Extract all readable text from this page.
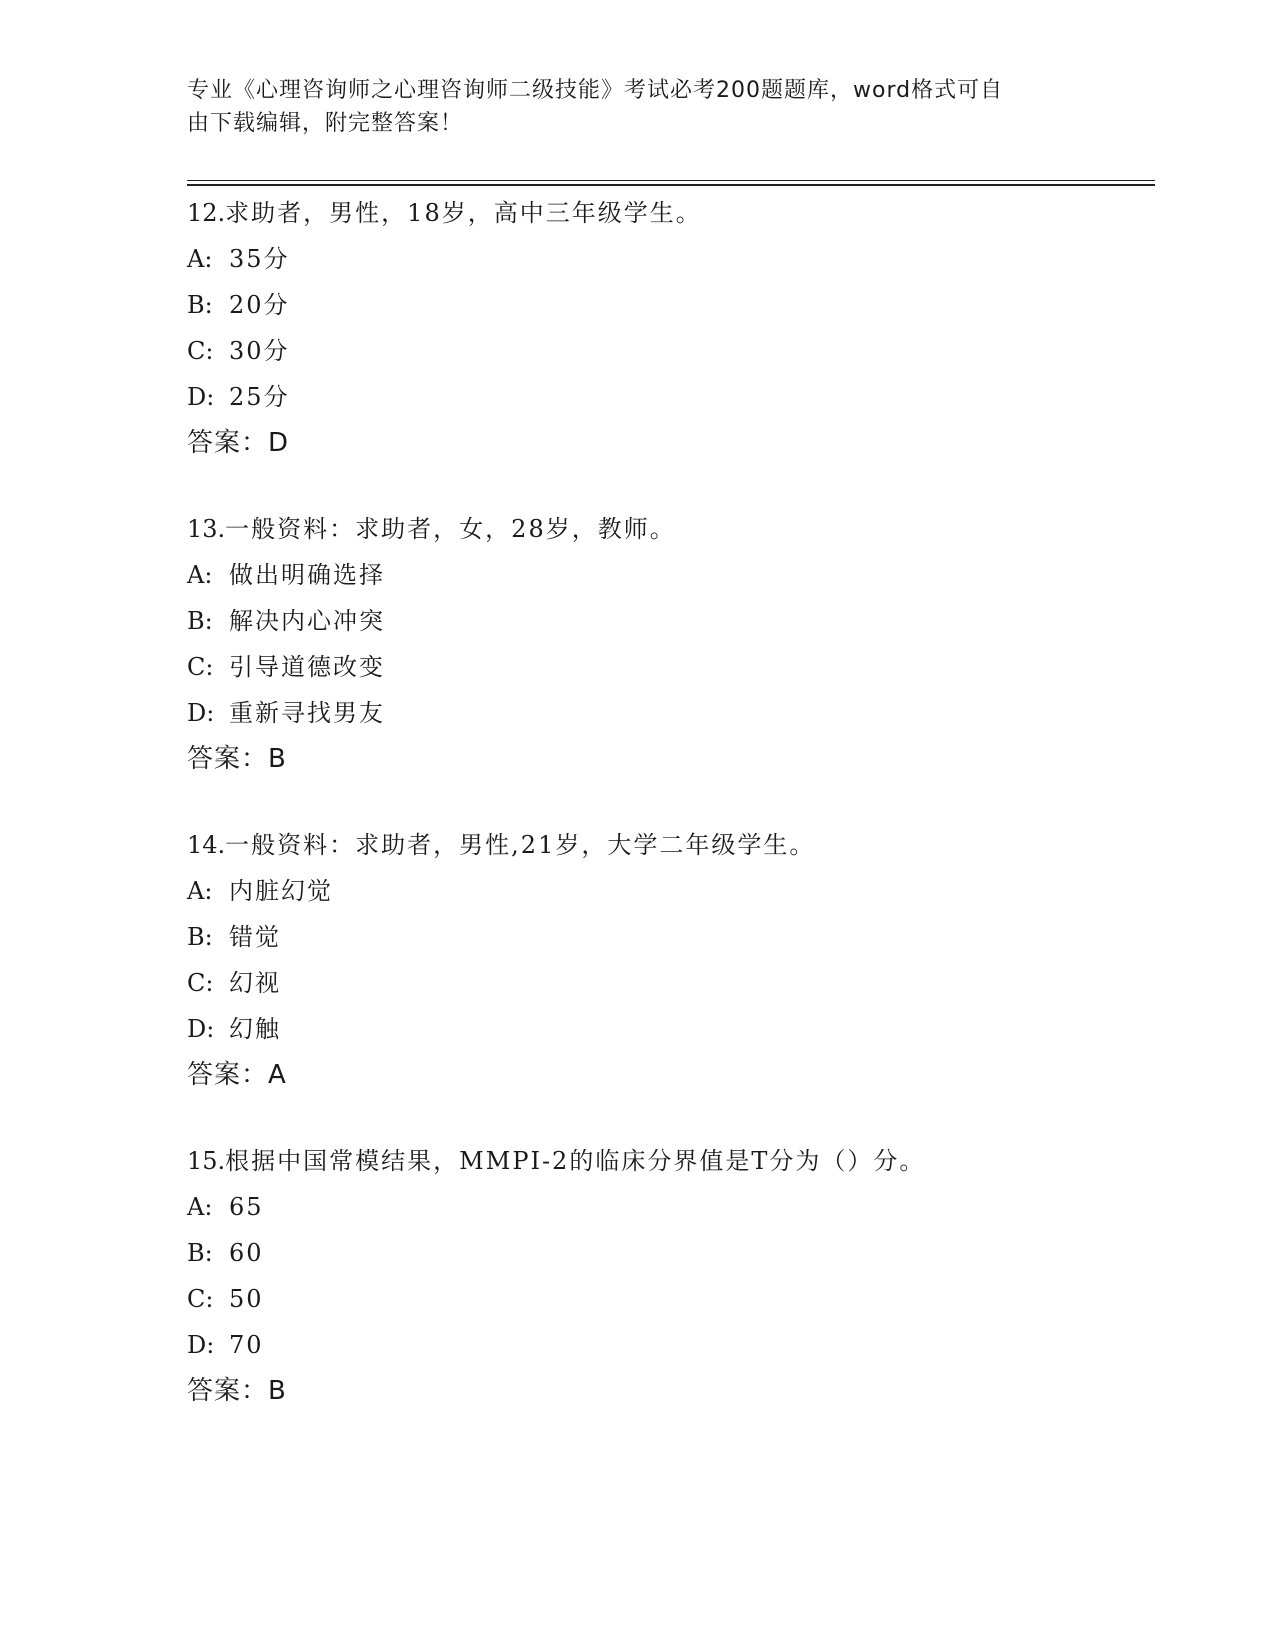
专业《心理咨询师之心理咨询师二级技能》考试必考200题题库，word格式可自
由下载编辑，附完整答案！
12.求助者，男性，18岁，高中三年级学生。
A: 35分
B: 20分
C: 30分
D: 25分
答案：D
13.一般资料：求助者，女，28岁，教师。
A: 做出明确选择
B: 解决内心冲突
C: 引导道德改变
D: 重新寻找男友
答案：B
14.一般资料：求助者，男性,21岁，大学二年级学生。
A: 内脏幻觉
B: 错觉
C: 幻视
D: 幻触
答案：A
15.根据中国常模结果，MMPI-2的临床分界值是T分为（）分。
A: 65
B: 60
C: 50
D: 70
答案：B
